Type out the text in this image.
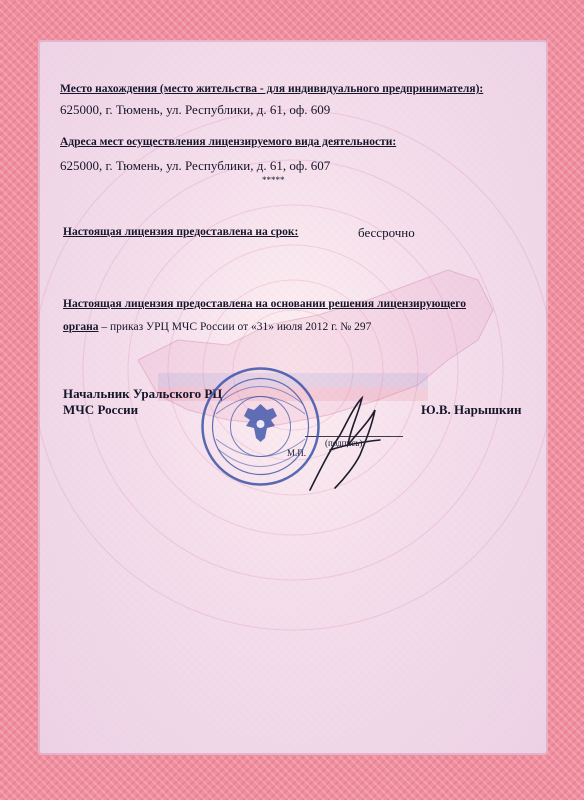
Место нахождения (место жительства - для индивидуального предпринимателя):
625000, г. Тюмень, ул. Республики, д. 61, оф. 609
Адреса мест осуществления лицензируемого вида деятельности:
625000, г. Тюмень, ул. Республики, д. 61, оф. 607
*****
Настоящая лицензия предоставлена на срок:	бессрочно
Настоящая лицензия предоставлена на основании решения лицензирующего
органа – приказ УРЦ МЧС России от «31» июля 2012 г. № 297
Начальник Уральского РЦ
МЧС России	Ю.В. Нарышкин
(подпись)
М.П.
